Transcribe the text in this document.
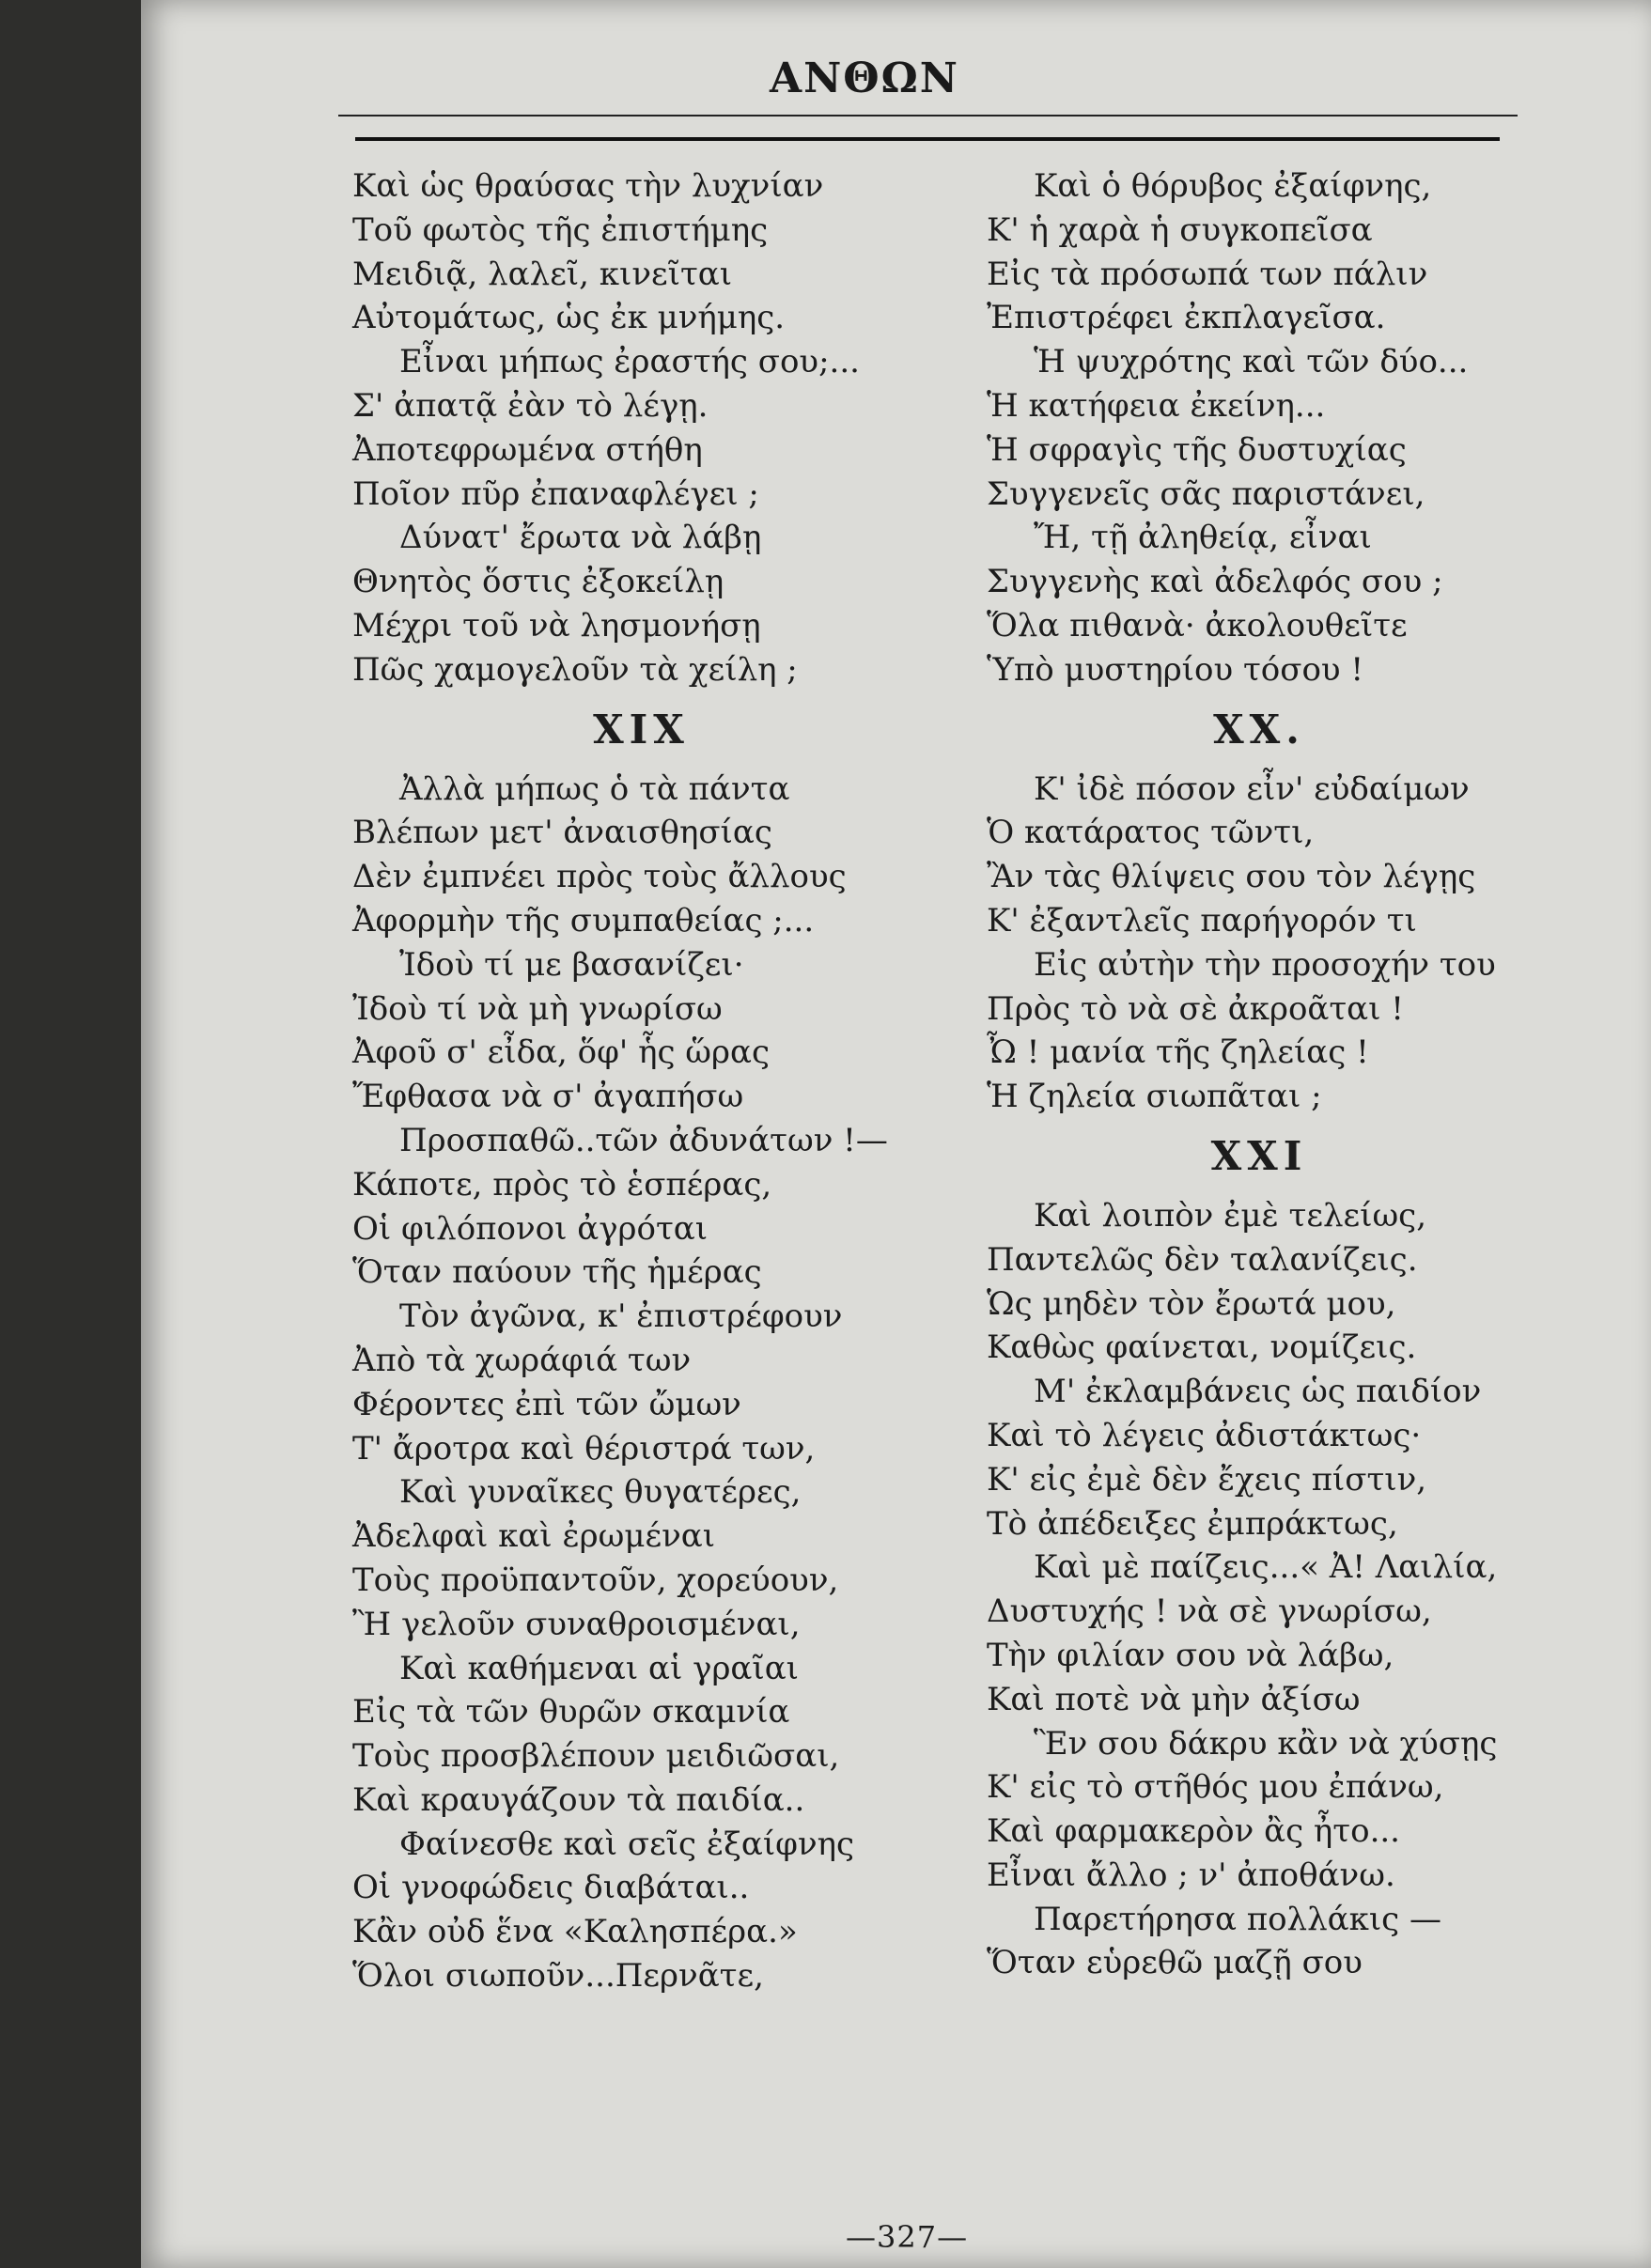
ΑΝΘΩΝ
Καὶ ὡς θραύσας τὴν λυχνίαν
Τοῦ φωτὸς τῆς ἐπιστήμης
Μειδιᾷ, λαλεῖ, κινεῖται
Αὐτομάτως, ὡς ἐκ μνήμης.
Εἶναι μήπως ἐραστής σου;...
Σ' ἀπατᾷ ἐὰν τὸ λέγῃ.
Ἀποτεφρωμένα στήθη
Ποῖον πῦρ ἐπαναφλέγει ;
Δύνατ' ἔρωτα νὰ λάβῃ
Θνητὸς ὅστις ἐξοκείλῃ
Μέχρι τοῦ νὰ λησμονήσῃ
Πῶς χαμογελοῦν τὰ χείλη ;
XIX
Ἀλλὰ μήπως ὁ τὰ πάντα
Βλέπων μετ' ἀναισθησίας
Δὲν ἐμπνέει πρὸς τοὺς ἄλλους
Ἀφορμὴν τῆς συμπαθείας ;...
Ἰδοὺ τί με βασανίζει·
Ἰδοὺ τί νὰ μὴ γνωρίσω
Ἀφοῦ σ' εἶδα, ὅφ' ἧς ὥρας
Ἔφθασα νὰ σ' ἀγαπήσω
Προσπαθῶ..τῶν ἀδυνάτων !—
Κάποτε, πρὸς τὸ ἑσπέρας,
Οἱ φιλόπονοι ἀγρόται
Ὅταν παύουν τῆς ἡμέρας
Τὸν ἀγῶνα, κ' ἐπιστρέφουν
Ἀπὸ τὰ χωράφιά των
Φέροντες ἐπὶ τῶν ὤμων
Τ' ἄροτρα καὶ θέριστρά των,
Καὶ γυναῖκες θυγατέρες,
Ἀδελφαὶ καὶ ἐρωμέναι
Τοὺς προϋπαντοῦν, χορεύουν,
Ἢ γελοῦν συναθροισμέναι,
Καὶ καθήμεναι αἱ γραῖαι
Εἰς τὰ τῶν θυρῶν σκαμνία
Τοὺς προσβλέπουν μειδιῶσαι,
Καὶ κραυγάζουν τὰ παιδία..
Φαίνεσθε καὶ σεῖς ἐξαίφνης
Οἱ γνοφώδεις διαβάται..
Κἂν οὐδ ἕνα «Καλησπέρα.»
Ὅλοι σιωποῦν...Περνᾶτε,
Καὶ ὁ θόρυβος ἐξαίφνης,
Κ' ἡ χαρὰ ἡ συγκοπεῖσα
Εἰς τὰ πρόσωπά των πάλιν
Ἐπιστρέφει ἐκπλαγεῖσα.
Ἡ ψυχρότης καὶ τῶν δύο...
Ἡ κατήφεια ἐκείνη...
Ἡ σφραγὶς τῆς δυστυχίας
Συγγενεῖς σᾶς παριστάνει,
Ἤ, τῇ ἀληθείᾳ, εἶναι
Συγγενὴς καὶ ἀδελφός σου ;
Ὅλα πιθανὰ· ἀκολουθεῖτε
Ὑπὸ μυστηρίου τόσου !
XX.
Κ' ἰδὲ πόσον εἶν' εὐδαίμων
Ὁ κατάρατος τῶντι,
Ἂν τὰς θλίψεις σου τὸν λέγῃς
Κ' ἐξαντλεῖς παρήγορόν τι
Εἰς αὐτὴν τὴν προσοχήν του
Πρὸς τὸ νὰ σὲ ἀκροᾶται !
Ὦ ! μανία τῆς ζηλείας !
Ἡ ζηλεία σιωπᾶται ;
XXI
Καὶ λοιπὸν ἐμὲ τελείως,
Παντελῶς δὲν ταλανίζεις.
Ὡς μηδὲν τὸν ἔρωτά μου,
Καθὼς φαίνεται, νομίζεις.
Μ' ἐκλαμβάνεις ὡς παιδίον
Καὶ τὸ λέγεις ἀδιστάκτως·
Κ' εἰς ἐμὲ δὲν ἔχεις πίστιν,
Τὸ ἀπέδειξες ἐμπράκτως,
Καὶ μὲ παίζεις...« Ἀ! Λαιλία,
Δυστυχής ! νὰ σὲ γνωρίσω,
Τὴν φιλίαν σου νὰ λάβω,
Καὶ ποτὲ νὰ μὴν ἀξίσω
Ἓν σου δάκρυ κἂν νὰ χύσῃς
Κ' εἰς τὸ στῆθός μου ἐπάνω,
Καὶ φαρμακερὸν ἂς ἦτο...
Εἶναι ἄλλο ; ν' ἀποθάνω.
Παρετήρησα πολλάκις —
Ὅταν εὑρεθῶ μαζῇ σου
—327—
